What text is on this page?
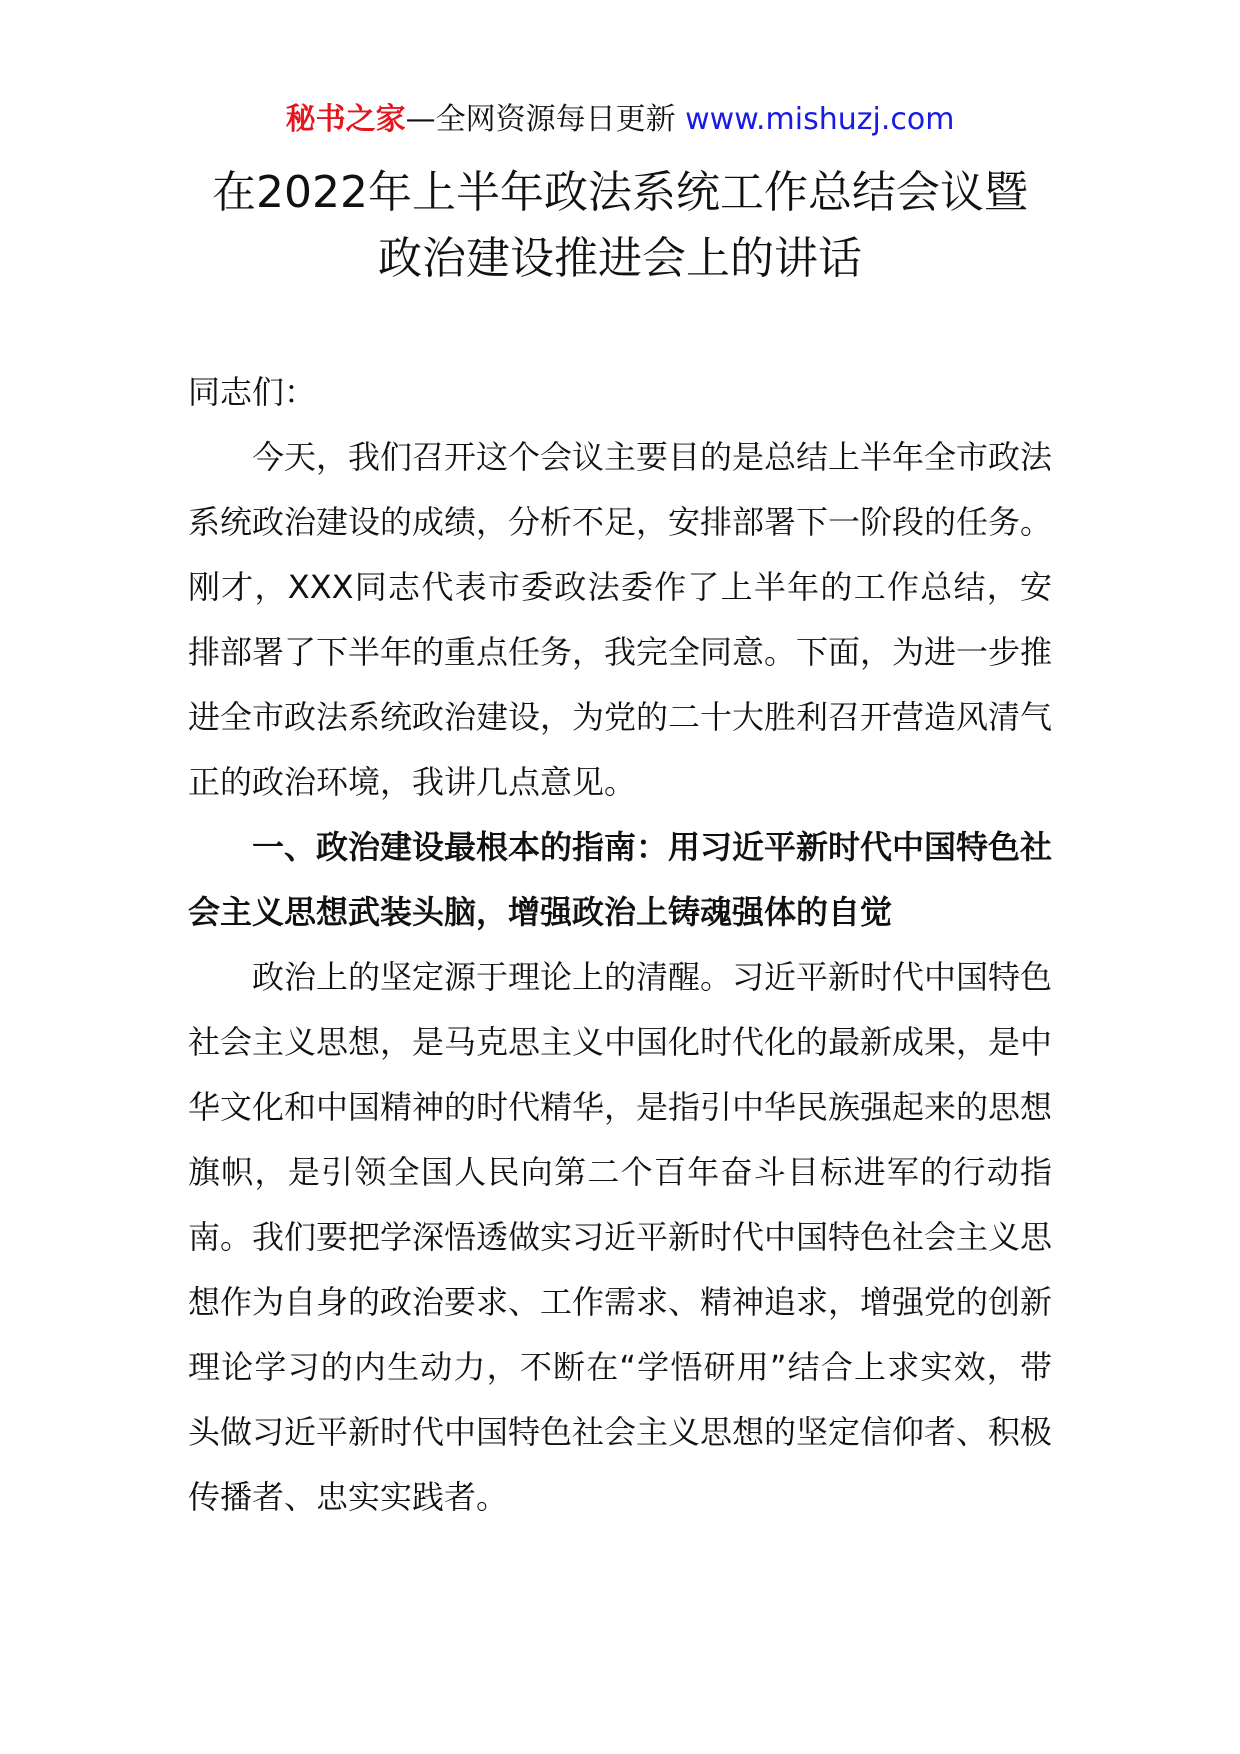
秘书之家—全网资源每日更新 www.mishuzj.com
在2022年上半年政法系统工作总结会议暨
政治建设推进会上的讲话

同志们：

今天，我们召开这个会议主要目的是总结上半年全市政法系统政治建设的成绩，分析不足，安排部署下一阶段的任务。刚才，XXX同志代表市委政法委作了上半年的工作总结，安排部署了下半年的重点任务，我完全同意。下面，为进一步推进全市政法系统政治建设，为党的二十大胜利召开营造风清气正的政治环境，我讲几点意见。

一、政治建设最根本的指南：用习近平新时代中国特色社会主义思想武装头脑，增强政治上铸魂强体的自觉

政治上的坚定源于理论上的清醒。习近平新时代中国特色社会主义思想，是马克思主义中国化时代化的最新成果，是中华文化和中国精神的时代精华，是指引中华民族强起来的思想旗帜，是引领全国人民向第二个百年奋斗目标进军的行动指南。我们要把学深悟透做实习近平新时代中国特色社会主义思想作为自身的政治要求、工作需求、精神追求，增强党的创新理论学习的内生动力，不断在“学悟研用”结合上求实效，带头做习近平新时代中国特色社会主义思想的坚定信仰者、积极传播者、忠实实践者。
